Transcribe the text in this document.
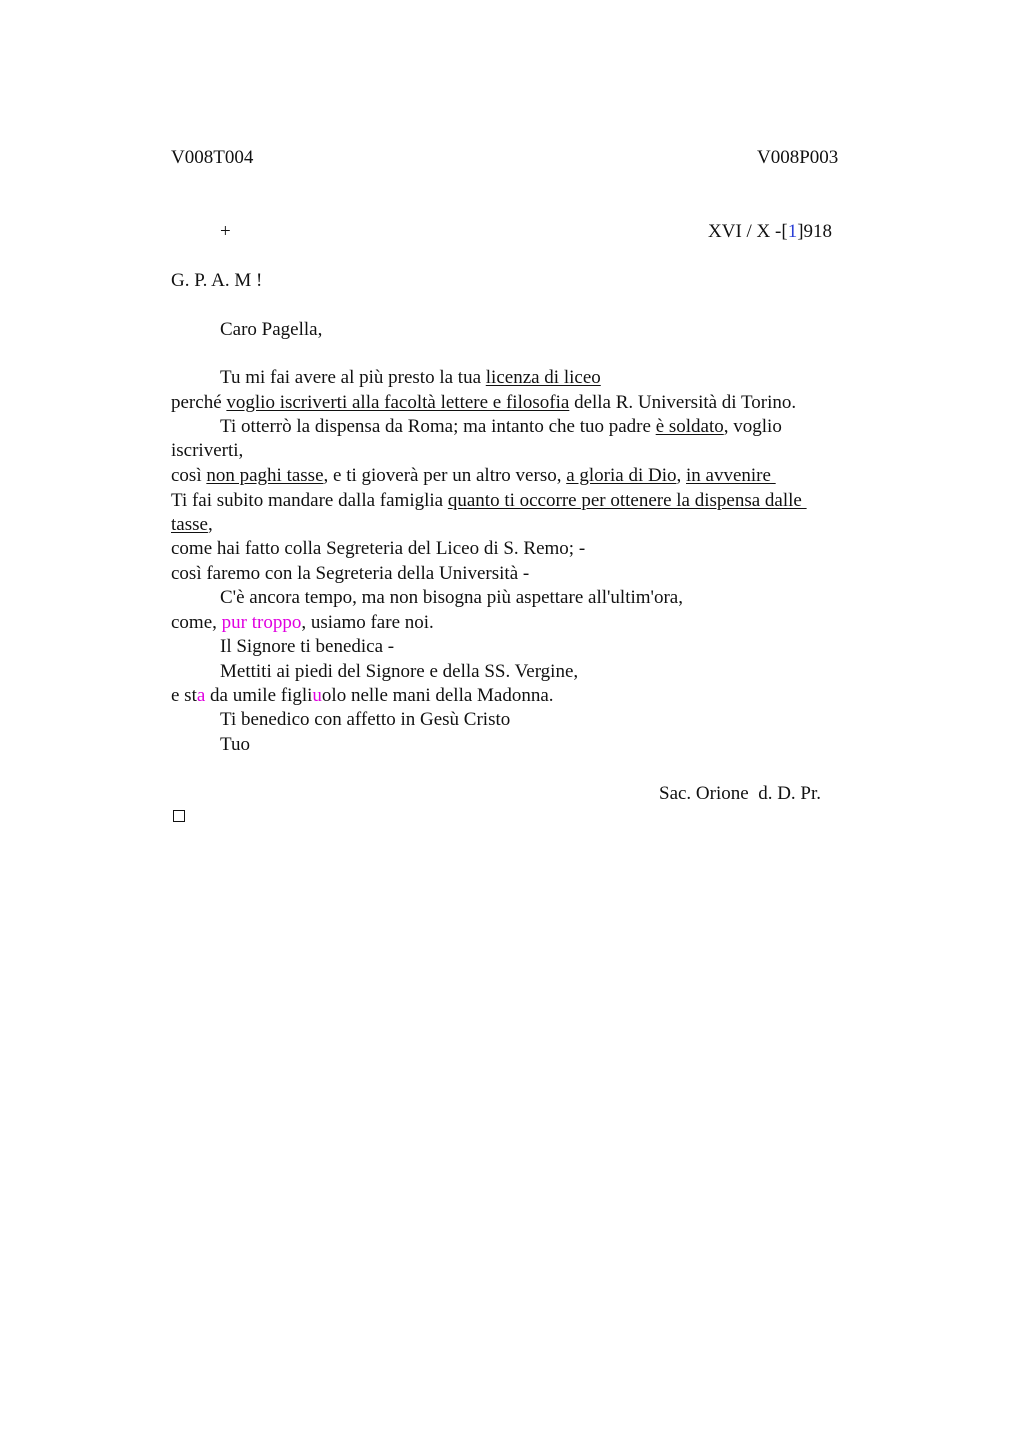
V008T004	V008P003
+	XVI / X -[1]918
G. P. A. M !
Caro Pagella,
Tu mi fai avere al più presto la tua licenza di liceo
perché voglio iscriverti alla facoltà lettere e filosofia della R. Università di Torino.
Ti otterrò la dispensa da Roma; ma intanto che tuo padre è soldato, voglio
iscriverti,
così non paghi tasse, e ti gioverà per un altro verso, a gloria di Dio, in avvenire
Ti fai subito mandare dalla famiglia quanto ti occorre per ottenere la dispensa dalle
tasse,
come hai fatto colla Segreteria del Liceo di S. Remo; -
così faremo con la Segreteria della Università -
C'è ancora tempo, ma non bisogna più aspettare all'ultim'ora,
come, pur troppo, usiamo fare noi.
Il Signore ti benedica -
Mettiti ai piedi del Signore e della SS. Vergine,
e sta da umile figliuolo nelle mani della Madonna.
Ti benedico con affetto in Gesù Cristo
Tuo
Sac. Orione  d. D. Pr.
